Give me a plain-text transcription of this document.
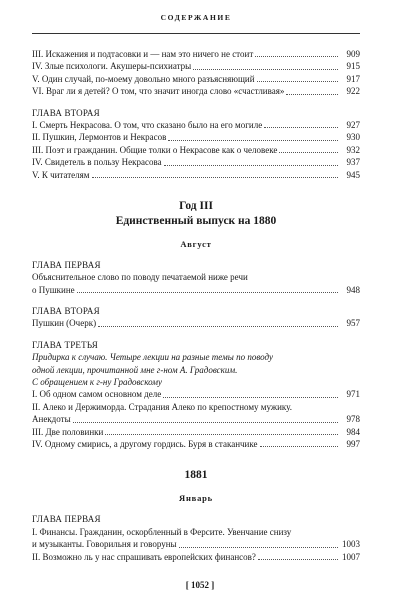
СОДЕРЖАНИЕ
III. Искажения и подтасовки и — нам это ничего не стоит	909
IV. Злые психологи. Акушеры-психиатры	915
V. Один случай, по-моему довольно много разъясняющий	917
VI. Враг ли я детей? О том, что значит иногда слово «счастливая»	922
ГЛАВА ВТОРАЯ
I. Смерть Некрасова. О том, что сказано было на его могиле	927
II. Пушкин, Лермонтов и Некрасов	930
III. Поэт и гражданин. Общие толки о Некрасове как о человеке	932
IV. Свидетель в пользу Некрасова	937
V. К читателям	945
Год III
Единственный выпуск на 1880
Август
ГЛАВА ПЕРВАЯ
Объяснительное слово по поводу печатаемой ниже речи
о Пушкине	948
ГЛАВА ВТОРАЯ
Пушкин (Очерк)	957
ГЛАВА ТРЕТЬЯ
Придирка к случаю. Четыре лекции на разные темы по поводу
одной лекции, прочитанной мне г-ном А. Градовским.
С обращением к г-ну Градовскому
I. Об одном самом основном деле	971
II. Алеко и Держиморда. Страдания Алеко по крепостному мужику.
Анекдоты	978
III. Две половинки	984
IV. Одному смирись, а другому гордись. Буря в стаканчике	997
1881
Январь
ГЛАВА ПЕРВАЯ
I. Финансы. Гражданин, оскорбленный в Ферсите. Увенчание снизу
и музыканты. Говорильня и говоруны	1003
II. Возможно ль у нас спрашивать европейских финансов?	1007
[ 1052 ]
